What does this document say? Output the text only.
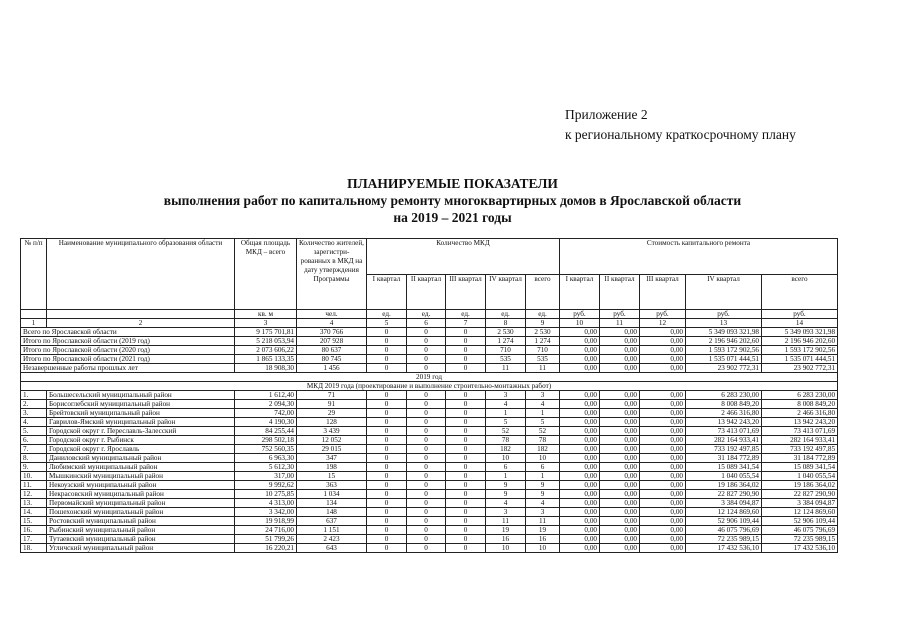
Приложение 2
к региональному краткосрочному плану
ПЛАНИРУЕМЫЕ ПОКАЗАТЕЛИ
выполнения работ по капитальному ремонту многоквартирных домов в Ярославской области
на 2019 – 2021 годы
№ п/п	Наименование муниципального образования области	Общая площадь МКД – всего	Количество жителей, зарегистри-рованных в МКД на дату утверждения Программы	Количество МКД					Стоимость капитального ремонта				
				I квартал	II квартал	III квартал	IV квартал	всего	I квартал	II квартал	III квартал	IV квартал	всего
		кв. м	чел.	ед.	ед.	ед.	ед.	ед.	руб.	руб.	руб.	руб.	руб.
1	2	3	4	5	6	7	8	9	10	11	12	13	14
Всего по Ярославской области		9 175 701,81	370 766	0	0	0	2 530	2 530	0,00	0,00	0,00	5 349 093 321,98	5 349 093 321,98
Итого по Ярославской области (2019 год)		5 218 053,94	207 928	0	0	0	1 274	1 274	0,00	0,00	0,00	2 196 946 202,60	2 196 946 202,60
Итого по Ярославской области (2020 год)		2 073 606,22	80 637	0	0	0	710	710	0,00	0,00	0,00	1 593 172 902,56	1 593 172 902,56
Итого по Ярославской области (2021 год)		1 865 133,35	80 745	0	0	0	535	535	0,00	0,00	0,00	1 535 071 444,51	1 535 071 444,51
Незавершенные работы прошлых лет		18 908,30	1 456	0	0	0	11	11	0,00	0,00	0,00	23 902 772,31	23 902 772,31
2019 год													
МКД 2019 года (проектирование и выполнение строительно-монтажных работ)													
1.	Большесельский муниципальный район	1 612,40	71	0	0	0	3	3	0,00	0,00	0,00	6 283 230,00	6 283 230,00
2.	Борисоглебский муниципальный район	2 094,30	91	0	0	0	4	4	0,00	0,00	0,00	8 008 849,20	8 008 849,20
3.	Брейтовский муниципальный район	742,00	29	0	0	0	1	1	0,00	0,00	0,00	2 466 316,80	2 466 316,80
4.	Гаврилов-Ямский муниципальный район	4 190,30	128	0	0	0	5	5	0,00	0,00	0,00	13 942 243,20	13 942 243,20
5.	Городской округ г. Переславль-Залесский	84 255,44	3 439	0	0	0	52	52	0,00	0,00	0,00	73 413 071,69	73 413 071,69
6.	Городской округ г. Рыбинск	298 502,18	12 052	0	0	0	78	78	0,00	0,00	0,00	282 164 933,41	282 164 933,41
7.	Городской округ г. Ярославль	752 560,35	29 015	0	0	0	182	182	0,00	0,00	0,00	733 192 497,85	733 192 497,85
8.	Даниловский муниципальный район	6 963,30	347	0	0	0	10	10	0,00	0,00	0,00	31 184 772,89	31 184 772,89
9.	Любимский муниципальный район	5 612,30	198	0	0	0	6	6	0,00	0,00	0,00	15 089 341,54	15 089 341,54
10.	Мышкинский муниципальный район	317,00	15	0	0	0	1	1	0,00	0,00	0,00	1 040 055,54	1 040 055,54
11.	Некоузский муниципальный район	9 992,62	363	0	0	0	9	9	0,00	0,00	0,00	19 186 364,02	19 186 364,02
12.	Некрасовский муниципальный район	10 275,85	1 034	0	0	0	9	9	0,00	0,00	0,00	22 827 290,90	22 827 290,90
13.	Первомайский муниципальный район	4 313,00	134	0	0	0	4	4	0,00	0,00	0,00	3 384 094,87	3 384 094,87
14.	Пошехонский муниципальный район	3 342,00	148	0	0	0	3	3	0,00	0,00	0,00	12 124 869,60	12 124 869,60
15.	Ростовский муниципальный район	19 918,99	637	0	0	0	11	11	0,00	0,00	0,00	52 906 109,44	52 906 109,44
16.	Рыбинский муниципальный район	24 716,00	1 151	0	0	0	19	19	0,00	0,00	0,00	46 075 796,69	46 075 796,69
17.	Тутаевский муниципальный район	51 799,26	2 423	0	0	0	16	16	0,00	0,00	0,00	72 235 989,15	72 235 989,15
18.	Угличский муниципальный район	16 220,21	643	0	0	0	10	10	0,00	0,00	0,00	17 432 536,10	17 432 536,10
